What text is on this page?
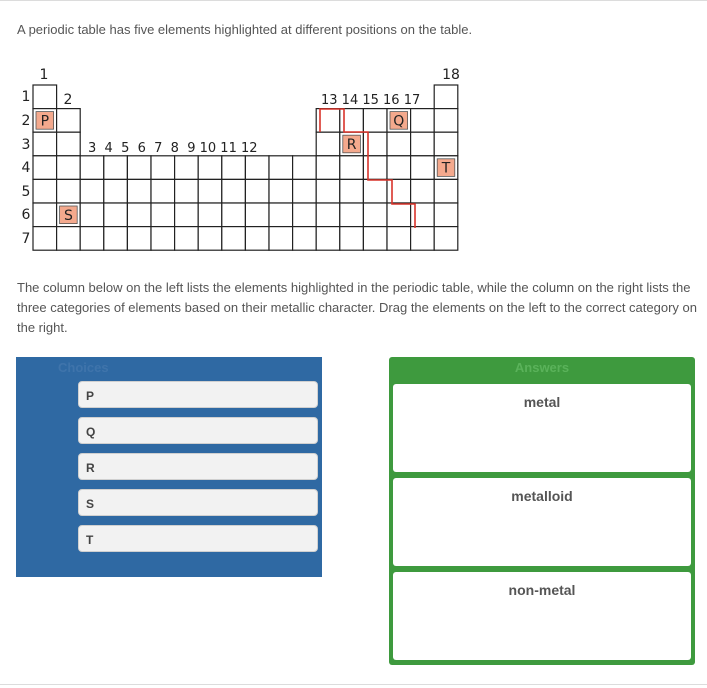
A periodic table has five elements highlighted at different positions on the table.
P	Q
R
T
S
1
2
3  4  5  6  7  8  9 10 11 12
13 14 15 16 17
18
1
2
3
4
5
6
7
The column below on the left lists the elements highlighted in the periodic table, while the column on the right lists the three categories of elements based on their metallic character. Drag the elements on the left to the correct category on the right.
Choices
P
Q
R
S
T
Answers
metal
metalloid
non-metal
